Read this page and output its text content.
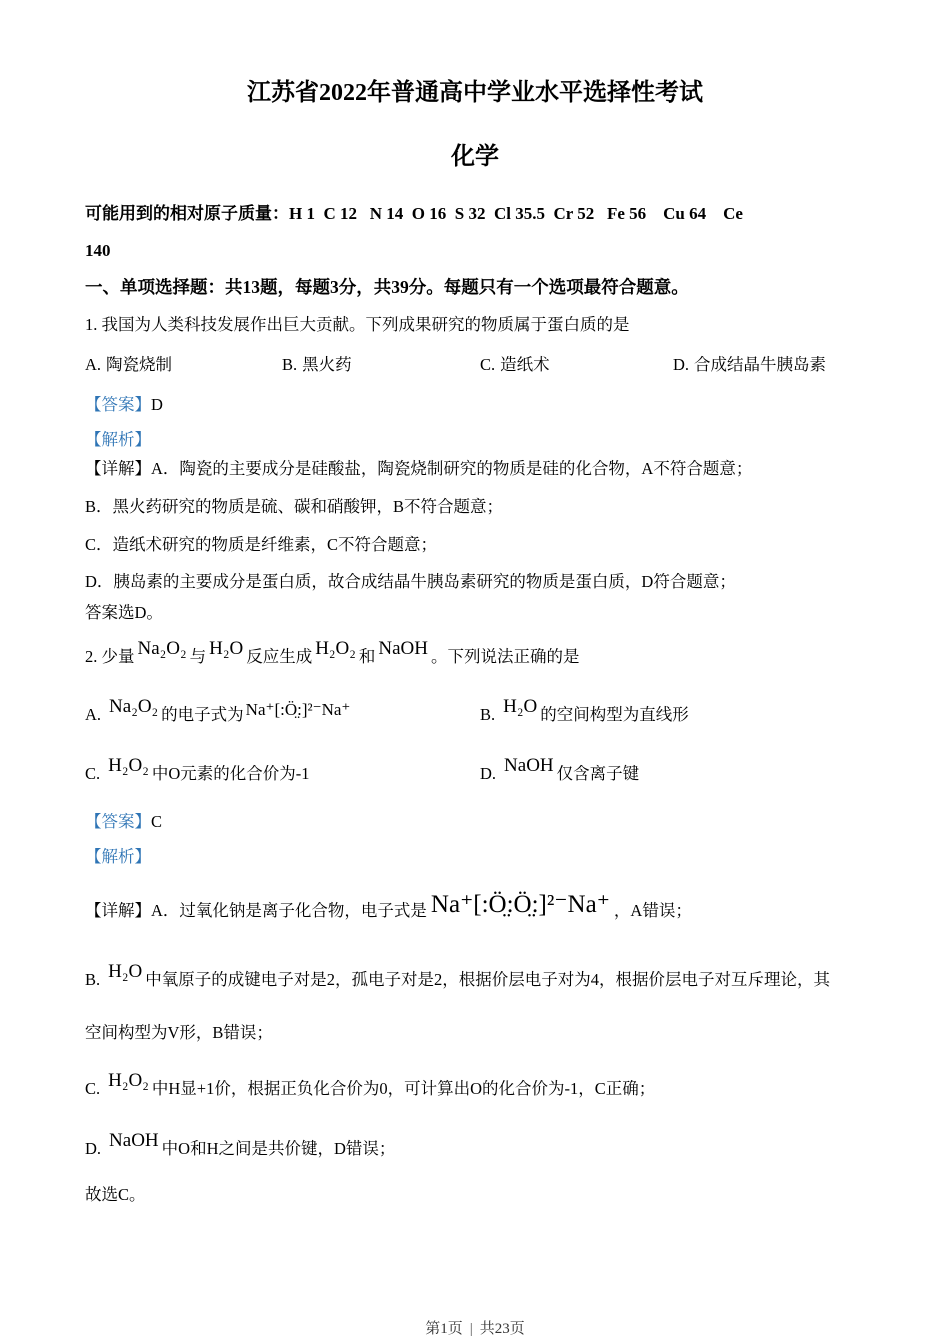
江苏省2022年普通高中学业水平选择性考试
化学
可能用到的相对原子质量：H 1  C 12   N 14  O 16  S 32  Cl 35.5  Cr 52   Fe 56    Cu 64    Ce
140
一、单项选择题：共13题，每题3分，共39分。每题只有一个选项最符合题意。
1. 我国为人类科技发展作出巨大贡献。下列成果研究的物质属于蛋白质的是
A. 陶瓷烧制	B. 黑火药	C. 造纸术	D. 合成结晶牛胰岛素
【答案】D
【解析】
【详解】A．陶瓷的主要成分是硅酸盐，陶瓷烧制研究的物质是硅的化合物，A不符合题意；
B．黑火药研究的物质是硫、碳和硝酸钾，B不符合题意；
C．造纸术研究的物质是纤维素，C不符合题意；
D．胰岛素的主要成分是蛋白质，故合成结晶牛胰岛素研究的物质是蛋白质，D符合题意；
答案选D。
2. 少量 Na₂O₂ 与 H₂O 反应生成 H₂O₂ 和 NaOH 。下列说法正确的是
A. Na₂O₂ 的电子式为 Na⁺[:Ö̤:]²⁻Na⁺	B. H₂O 的空间构型为直线形
C. H₂O₂ 中O元素的化合价为-1	D. NaOH 仅含离子键
【答案】C
【解析】
【详解】A．过氧化钠是离子化合物，电子式是 Na⁺[:Ö̤:Ö̤:]²⁻Na⁺ ，A错误；
B. H₂O 中氧原子的成键电子对是2，孤电子对是2，根据价层电子对为4，根据价层电子对互斥理论，其
空间构型为V形，B错误；
C. H₂O₂ 中H显+1价，根据正负化合价为0，可计算出O的化合价为-1，C正确；
D. NaOH 中O和H之间是共价键，D错误；
故选C。
第1页 | 共23页
